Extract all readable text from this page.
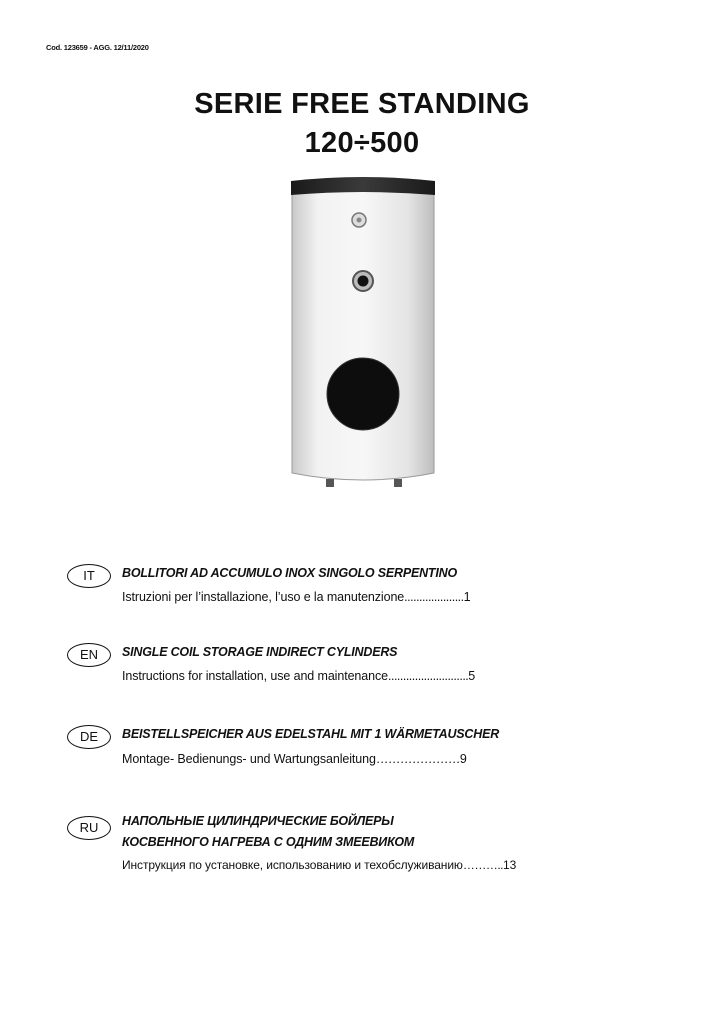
Cod. 123659 - AGG. 12/11/2020
SERIE FREE STANDING
120÷500
IT	BOLLITORI AD ACCUMULO INOX SINGOLO SERPENTINO
Istruzioni per l’installazione, l’uso e la manutenzione....................1
EN	SINGLE COIL STORAGE INDIRECT CYLINDERS
Instructions for installation, use and maintenance...........................5
DE	BEISTELLSPEICHER AUS EDELSTAHL MIT 1 WÄRMETAUSCHER
Montage- Bedienungs- und Wartungsanleitung…………………9
RU	НАПОЛЬНЫЕ ЦИЛИНДРИЧЕСКИЕ БОЙЛЕРЫ
КОСВЕННОГО НАГРЕВА С ОДНИМ ЗМЕЕВИКОМ
Инструкция по установке, использованию и техобслуживанию………..13
